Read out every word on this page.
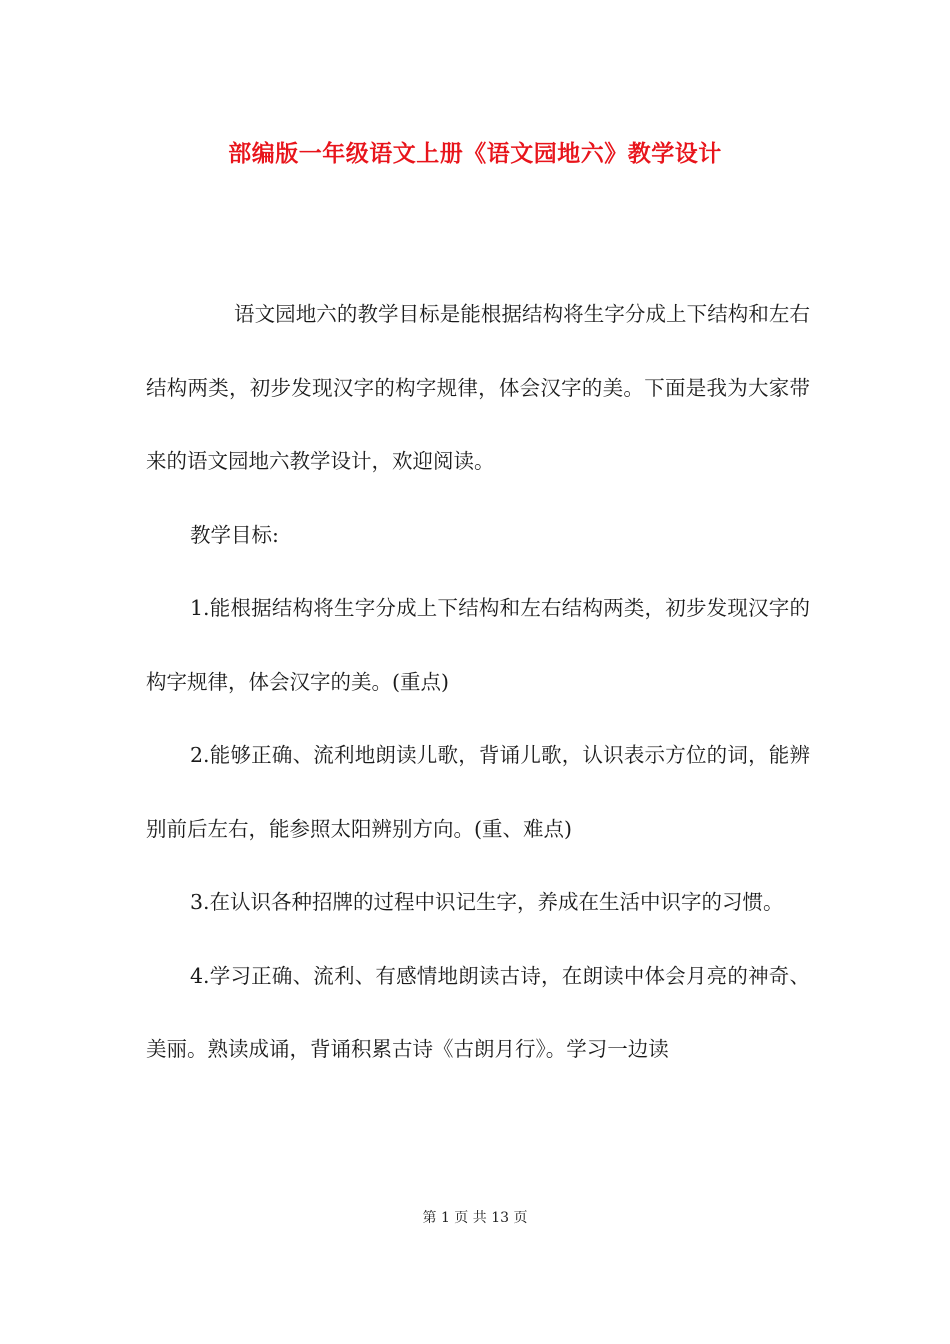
部编版一年级语文上册《语文园地六》教学设计

语文园地六的教学目标是能根据结构将生字分成上下结构和左右结构两类，初步发现汉字的构字规律，体会汉字的美。下面是我为大家带来的语文园地六教学设计，欢迎阅读。

教学目标:

1.能根据结构将生字分成上下结构和左右结构两类，初步发现汉字的构字规律，体会汉字的美。(重点)

2.能够正确、流利地朗读儿歌，背诵儿歌，认识表示方位的词，能辨别前后左右，能参照太阳辨别方向。(重、难点)

3.在认识各种招牌的过程中识记生字，养成在生活中识字的习惯。

4.学习正确、流利、有感情地朗读古诗，在朗读中体会月亮的神奇、美丽。熟读成诵，背诵积累古诗《古朗月行》。学习一边读

第 1 页 共 13 页
